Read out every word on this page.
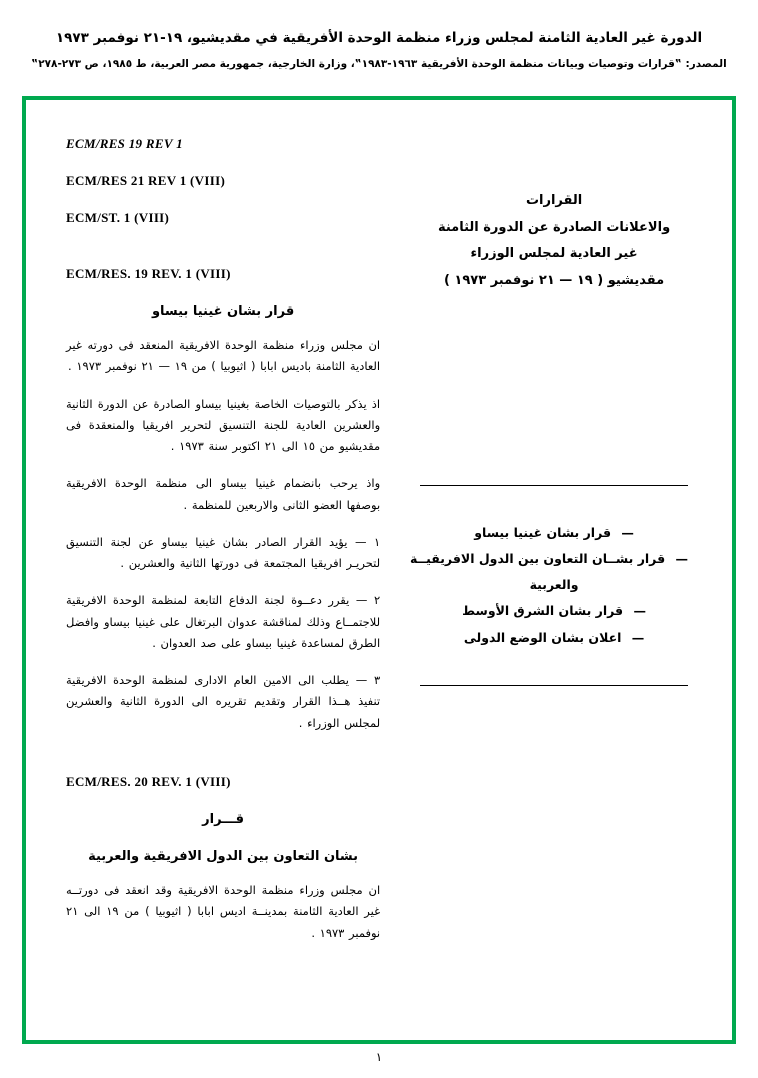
الدورة غير العادية الثامنة لمجلس وزراء منظمة الوحدة الأفريقية في مقديشيو، ١٩-٢١ نوفمبر ١٩٧٣
المصدر: ‟قرارات وتوصيات وبيانات منظمة الوحدة الأفريقية ١٩٦٣-١٩٨٣‟، وزارة الخارجية، جمهورية مصر العربية، ط ١٩٨٥، ص ٢٧٣-٢٧٨‟
القرارات
والاعلانات الصادرة عن الدورة الثامنة
غير العادية لمجلس الوزراء
مقديشيو ( ١٩ — ٢١ نوفمبر ١٩٧٣ )
— قرار بشان غينيا بيساو
— قرار بشــان التعاون بين الدول الافريقيــة
والعربية
— قرار بشان الشرق الأوسط
— اعلان بشان الوضع الدولى
ECM/RES 19 REV 1
ECM/RES 21 REV 1 (VIII)
ECM/ST. 1 (VIII)
ECM/RES. 19 REV. 1 (VIII)
قرار بشان غينيا بيساو
ان مجلس وزراء منظمة الوحدة الافريقية المنعقد فى دورته غير العادية الثامنة باديس ابابا ( اثيوبيا ) من ١٩ — ٢١ نوفمبر ١٩٧٣ .
اذ يذكر بالتوصيات الخاصة بغينيا بيساو الصادرة عن الدورة الثانية والعشرين العادية للجنة التنسيق لتحرير افريقيا والمنعقدة فى مقديشيو من ١٥ الى ٢١ اكتوبر سنة ١٩٧٣ .
واذ يرحب بانضمام غينيا بيساو الى منظمة الوحدة الافريقية بوصفها العضو الثانى والاربعين للمنظمة .
١ — يؤيد القرار الصادر بشان غينيا بيساو عن لجنة التنسيق لتحريـر افريقيا المجتمعة فى دورتها الثانية والعشرين .
٢ — يقرر دعــوة لجنة الدفاع التابعة لمنظمة الوحدة الافريقية للاجتمــاع وذلك لمناقشة عدوان البرتغال على غينيا بيساو وافضل الطرق لمساعدة غينيا بيساو على صد العدوان .
٣ — يطلب الى الامين العام الادارى لمنظمة الوحدة الافريقية تنفيذ هــذا القرار وتقديم تقريره الى الدورة الثانية والعشرين لمجلس الوزراء .
ECM/RES. 20 REV. 1 (VIII)
قـــرار
بشان التعاون بين الدول الافريقية والعربية
ان مجلس وزراء منظمة الوحدة الافريقية وقد انعقد فى دورتــه غير العادية الثامنة بمدينــة اديس ابابا ( اثيوبيا ) من ١٩ الى ٢١ نوفمبر ١٩٧٣ .
١
